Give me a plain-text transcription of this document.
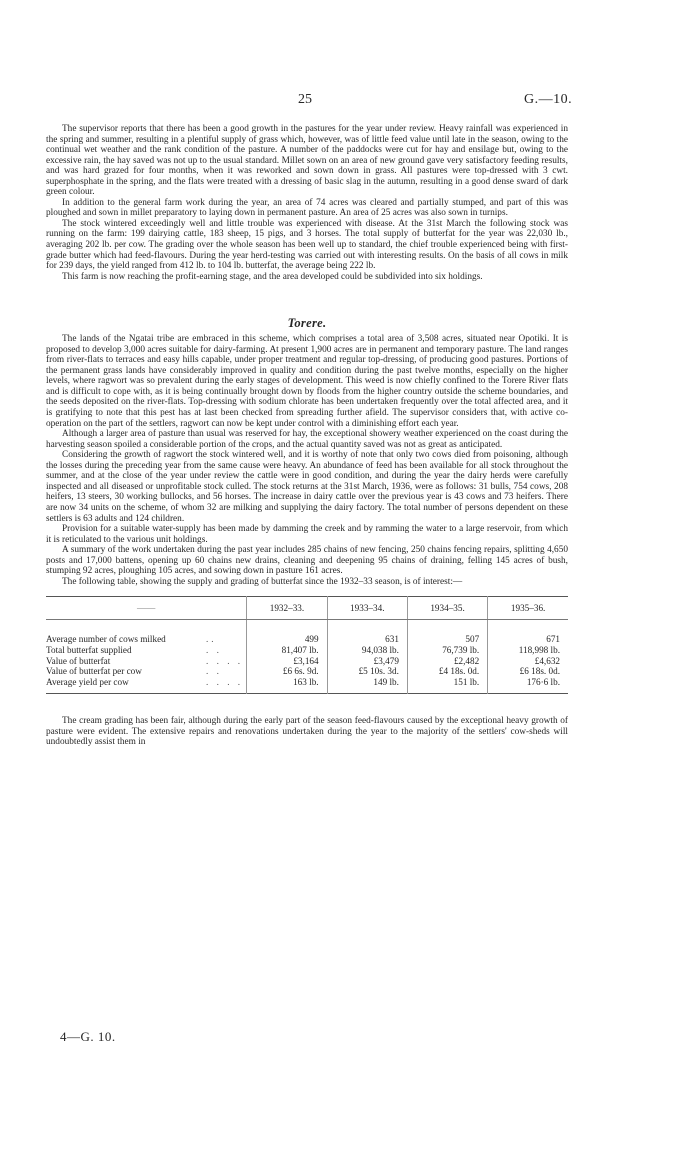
25	G.—10.

The supervisor reports that there has been a good growth in the pastures for the year under review. Heavy rainfall was experienced in the spring and summer, resulting in a plentiful supply of grass which, however, was of little feed value until late in the season, owing to the continual wet weather and the rank condition of the pasture. A number of the paddocks were cut for hay and ensilage but, owing to the excessive rain, the hay saved was not up to the usual standard. Millet sown on an area of new ground gave very satisfactory feeding results, and was hard grazed for four months, when it was reworked and sown down in grass. All pastures were top-dressed with 3 cwt. superphosphate in the spring, and the flats were treated with a dressing of basic slag in the autumn, resulting in a good dense sward of dark green colour.

In addition to the general farm work during the year, an area of 74 acres was cleared and partially stumped, and part of this was ploughed and sown in millet preparatory to laying down in permanent pasture. An area of 25 acres was also sown in turnips.

The stock wintered exceedingly well and little trouble was experienced with disease. At the 31st March the following stock was running on the farm: 199 dairying cattle, 183 sheep, 15 pigs, and 3 horses. The total supply of butterfat for the year was 22,030 lb., averaging 202 lb. per cow. The grading over the whole season has been well up to standard, the chief trouble experienced being with first-grade butter which had feed-flavours. During the year herd-testing was carried out with interesting results. On the basis of all cows in milk for 239 days, the yield ranged from 412 lb. to 104 lb. butterfat, the average being 222 lb.

This farm is now reaching the profit-earning stage, and the area developed could be subdivided into six holdings.

Torere.

The lands of the Ngatai tribe are embraced in this scheme, which comprises a total area of 3,508 acres, situated near Opotiki. It is proposed to develop 3,000 acres suitable for dairy-farming. At present 1,900 acres are in permanent and temporary pasture. The land ranges from river-flats to terraces and easy hills capable, under proper treatment and regular top-dressing, of producing good pastures. Portions of the permanent grass lands have considerably improved in quality and condition during the past twelve months, especially on the higher levels, where ragwort was so prevalent during the early stages of development. This weed is now chiefly confined to the Torere River flats and is difficult to cope with, as it is being continually brought down by floods from the higher country outside the scheme boundaries, and the seeds deposited on the river-flats. Top-dressing with sodium chlorate has been undertaken frequently over the total affected area, and it is gratifying to note that this pest has at last been checked from spreading further afield. The supervisor considers that, with active co-operation on the part of the settlers, ragwort can now be kept under control with a diminishing effort each year.

Although a larger area of pasture than usual was reserved for hay, the exceptional showery weather experienced on the coast during the harvesting season spoiled a considerable portion of the crops, and the actual quantity saved was not as great as anticipated.

Considering the growth of ragwort the stock wintered well, and it is worthy of note that only two cows died from poisoning, although the losses during the preceding year from the same cause were heavy. An abundance of feed has been available for all stock throughout the summer, and at the close of the year under review the cattle were in good condition, and during the year the dairy herds were carefully inspected and all diseased or unprofitable stock culled. The stock returns at the 31st March, 1936, were as follows: 31 bulls, 754 cows, 208 heifers, 13 steers, 30 working bullocks, and 56 horses. The increase in dairy cattle over the previous year is 43 cows and 73 heifers. There are now 34 units on the scheme, of whom 32 are milking and supplying the dairy factory. The total number of persons dependent on these settlers is 63 adults and 124 children.

Provision for a suitable water-supply has been made by damming the creek and by ramming the water to a large reservoir, from which it is reticulated to the various unit holdings.

A summary of the work undertaken during the past year includes 285 chains of new fencing, 250 chains fencing repairs, splitting 4,650 posts and 17,000 battens, opening up 60 chains new drains, cleaning and deepening 95 chains of draining, felling 145 acres of bush, stumping 92 acres, ploughing 105 acres, and sowing down in pasture 161 acres.

The following table, showing the supply and grading of butterfat since the 1932–33 season, is of interest:—

——		1932–33.	1933–34.	1934–35.	1935–36.
Average number of cows milked	..	499	631	507	671
Total butterfat supplied	. .	81,407 lb.	94,038 lb.	76,739 lb.	118,998 lb.
Value of butterfat	. . . .	£3,164	£3,479	£2,482	£4,632
Value of butterfat per cow	. .	£6 6s. 9d.	£5 10s. 3d.	£4 18s. 0d.	£6 18s. 0d.
Average yield per cow	. . . .	163 lb.	149 lb.	151 lb.	176·6 lb.

The cream grading has been fair, although during the early part of the season feed-flavours caused by the exceptional heavy growth of pasture were evident. The extensive repairs and renovations undertaken during the year to the majority of the settlers' cow-sheds will undoubtedly assist them in

4—G. 10.
